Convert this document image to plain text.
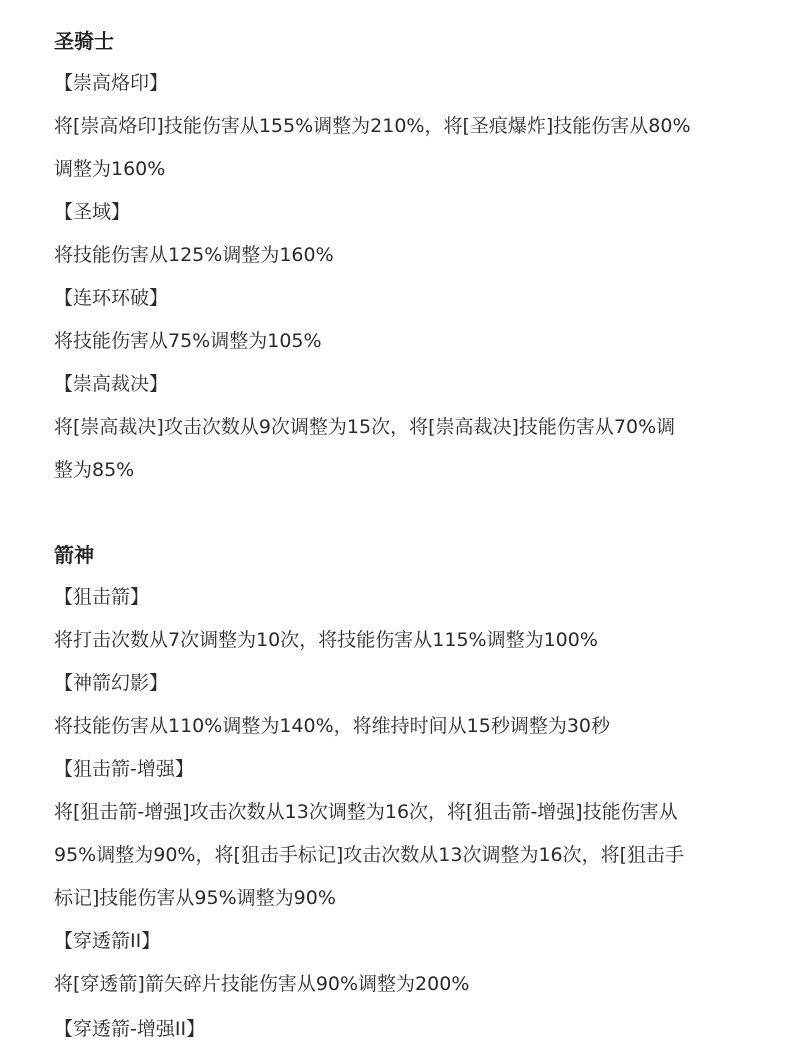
圣骑士
【崇高烙印】
将[崇高烙印]技能伤害从155%调整为210%，将[圣痕爆炸]技能伤害从80%
调整为160%
【圣域】
将技能伤害从125%调整为160%
【连环环破】
将技能伤害从75%调整为105%
【崇高裁决】
将[崇高裁决]攻击次数从9次调整为15次，将[崇高裁决]技能伤害从70%调
整为85%
箭神
【狙击箭】
将打击次数从7次调整为10次，将技能伤害从115%调整为100%
【神箭幻影】
将技能伤害从110%调整为140%，将维持时间从15秒调整为30秒
【狙击箭-增强】
将[狙击箭-增强]攻击次数从13次调整为16次，将[狙击箭-增强]技能伤害从
95%调整为90%，将[狙击手标记]攻击次数从13次调整为16次，将[狙击手
标记]技能伤害从95%调整为90%
【穿透箭II】
将[穿透箭]箭矢碎片技能伤害从90%调整为200%
【穿透箭-增强II】
